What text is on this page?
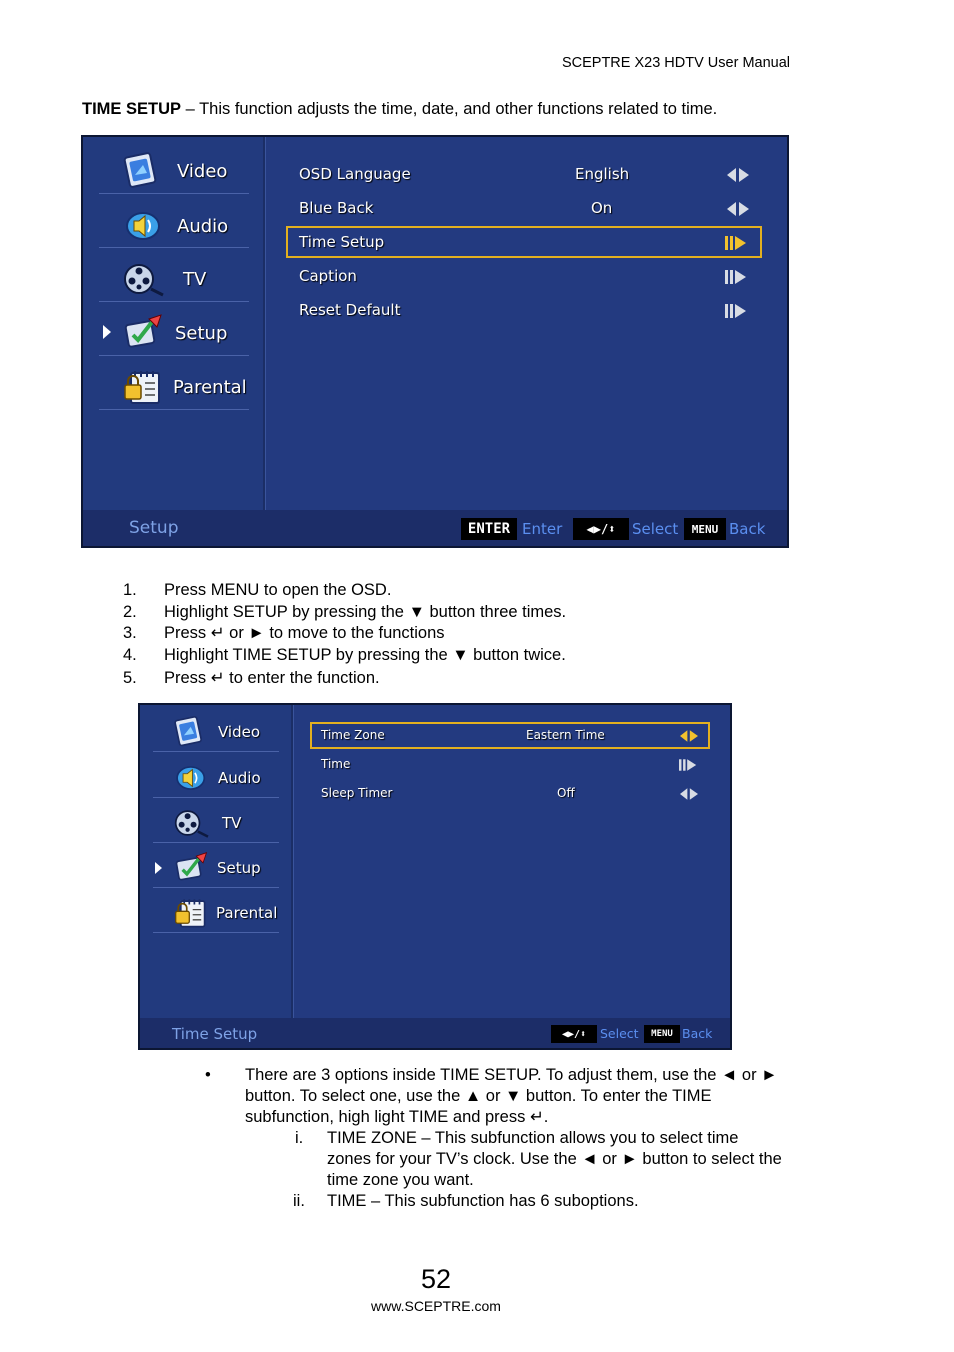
SCEPTRE X23 HDTV User Manual
TIME SETUP – This function adjusts the time, date, and other functions related to time.
Video
Audio
TV
Setup
Parental
OSD Language	English
Blue Back	On
Time Setup
Caption
Reset Default
Setup	ENTER Enter	◀▶/⬍	Select	MENU Back
1. Press MENU to open the OSD.
2. Highlight SETUP by pressing the ▼ button three times.
3. Press ↵ or ► to move to the functions
4. Highlight TIME SETUP by pressing the ▼ button twice.
5. Press ↵ to enter the function.
Video
Audio
TV
Setup
Parental
Time Zone	Eastern Time
Time
Sleep Timer	Off
Time Setup	◀▶/⬍	Select	MENU Back
• There are 3 options inside TIME SETUP. To adjust them, use the ◄ or ► button. To select one, use the ▲ or ▼ button. To enter the TIME subfunction, high light TIME and press ↵.
i. TIME ZONE – This subfunction allows you to select time zones for your TV’s clock. Use the ◄ or ► button to select the time zone you want.
ii. TIME – This subfunction has 6 suboptions.
52
www.SCEPTRE.com
